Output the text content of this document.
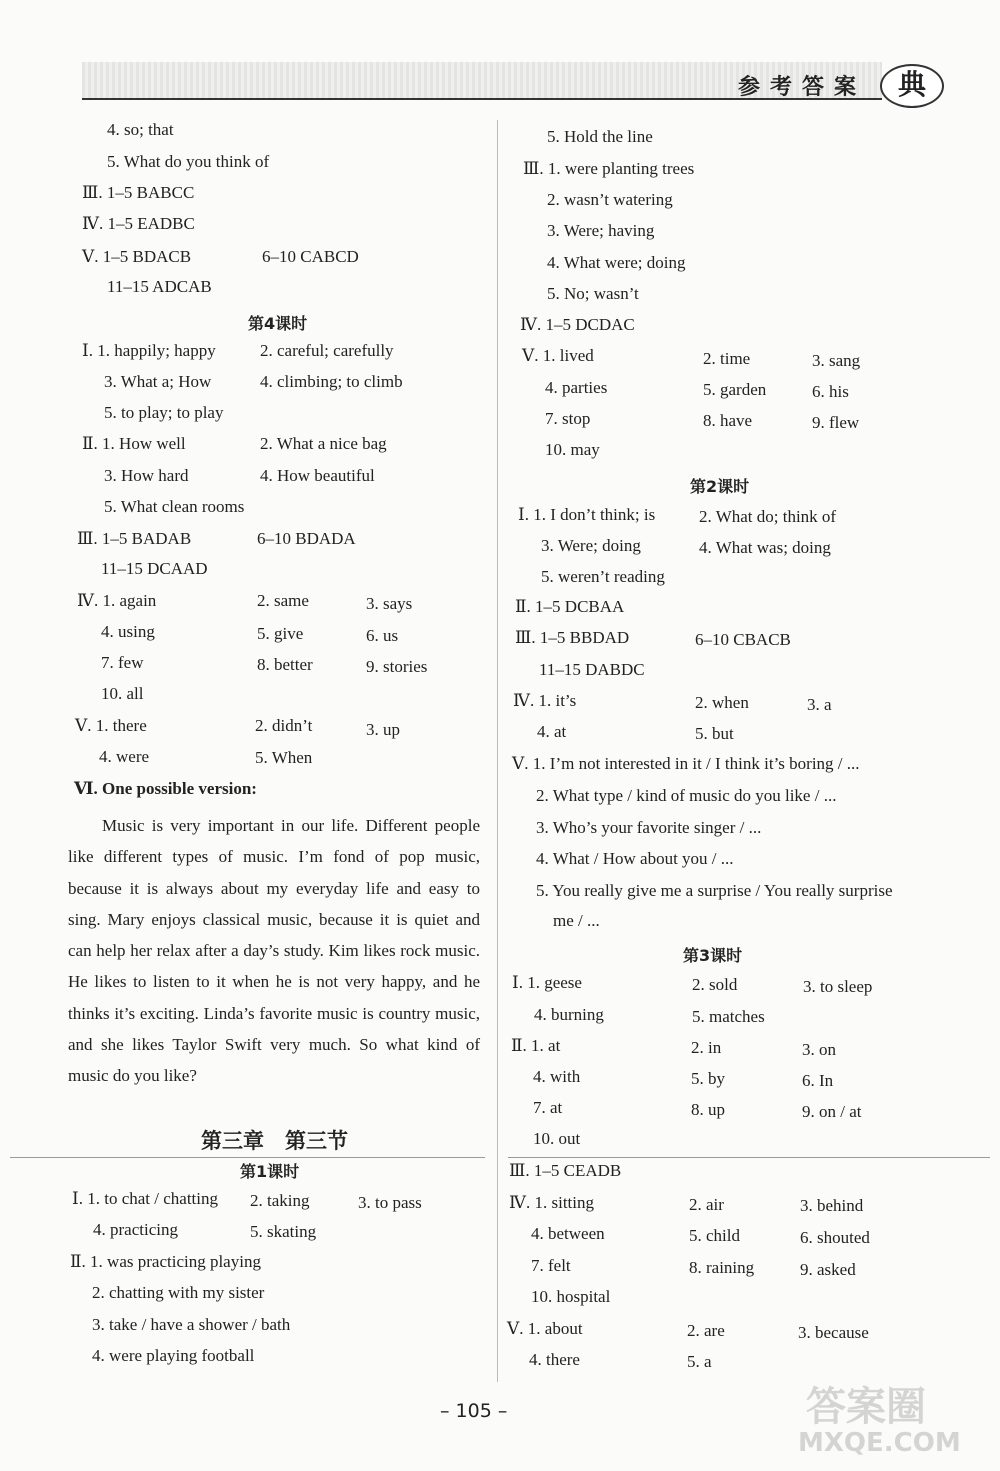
参考答案	典
4. so; that
5. What do you think of
Ⅲ. 1–5 BABCC
Ⅳ. 1–5 EADBC
Ⅴ. 1–5 BDACB	6–10 CABCD
11–15 ADCAB
Ⅰ. 1. happily; happy	2. careful; carefully
3. What a; How	4. climbing; to climb
5. to play; to play
Ⅱ. 1. How well	2. What a nice bag
3. How hard	4. How beautiful
5. What clean rooms
Ⅲ. 1–5 BADAB	6–10 BDADA
11–15 DCAAD
Ⅳ. 1. again	2. same	3. says
4. using	5. give	6. us
7. few	8. better	9. stories
10. all
Ⅴ. 1. there	2. didn’t	3. up
4. were	5. When
Ⅰ. 1. to chat / chatting 2. taking	3. to pass
4. practicing	5. skating
Ⅱ. 1. was practicing playing
2. chatting with my sister
3. take / have a shower / bath
4. were playing football
5. Hold the line
Ⅲ. 1. were planting trees
2. wasn’t watering
3. Were; having
4. What were; doing
5. No; wasn’t
Ⅳ. 1–5 DCDAC
Ⅴ. 1. lived	2. time	3. sang
4. parties	5. garden	6. his
7. stop	8. have	9. flew
10. may
Ⅰ. 1. I don’t think; is	2. What do; think of
3. Were; doing	4. What was; doing
5. weren’t reading
Ⅱ. 1–5 DCBAA
Ⅲ. 1–5 BBDAD	6–10 CBACB
11–15 DABDC
Ⅳ. 1. it’s	2. when	3. a
4. at	5. but
Ⅴ. 1. I’m not interested in it / I think it’s boring / ...
2. What type / kind of music do you like / ...
3. Who’s your favorite singer / ...
4. What / How about you / ...
5. You really give me a surprise / You really surprise
me / ...
Ⅰ. 1. geese	2. sold	3. to sleep
4. burning	5. matches
Ⅱ. 1. at	2. in	3. on
4. with	5. by	6. In
7. at	8. up	9. on / at
10. out
Ⅲ. 1–5 CEADB
Ⅳ. 1. sitting	2. air	3. behind
4. between	5. child	6. shouted
7. felt	8. raining	9. asked
10. hospital
Ⅴ. 1. about	2. are	3. because
4. there	5. a
第4课时
Ⅵ. One possible version:
Music is very important in our life. Different people like different types of music. I’m fond of pop music, because it is always about my everyday life and easy to sing. Mary enjoys classical music, because it is quiet and can help her relax after a day’s study. Kim likes rock music. He likes to listen to it when he is not very happy, and he thinks it’s exciting. Linda’s favorite music is country music, and she likes Taylor Swift very much. So what kind of music do you like?
第三章　第三节
第1课时
第2课时
第3课时
– 105 –	答案圈
MXQE.COM
